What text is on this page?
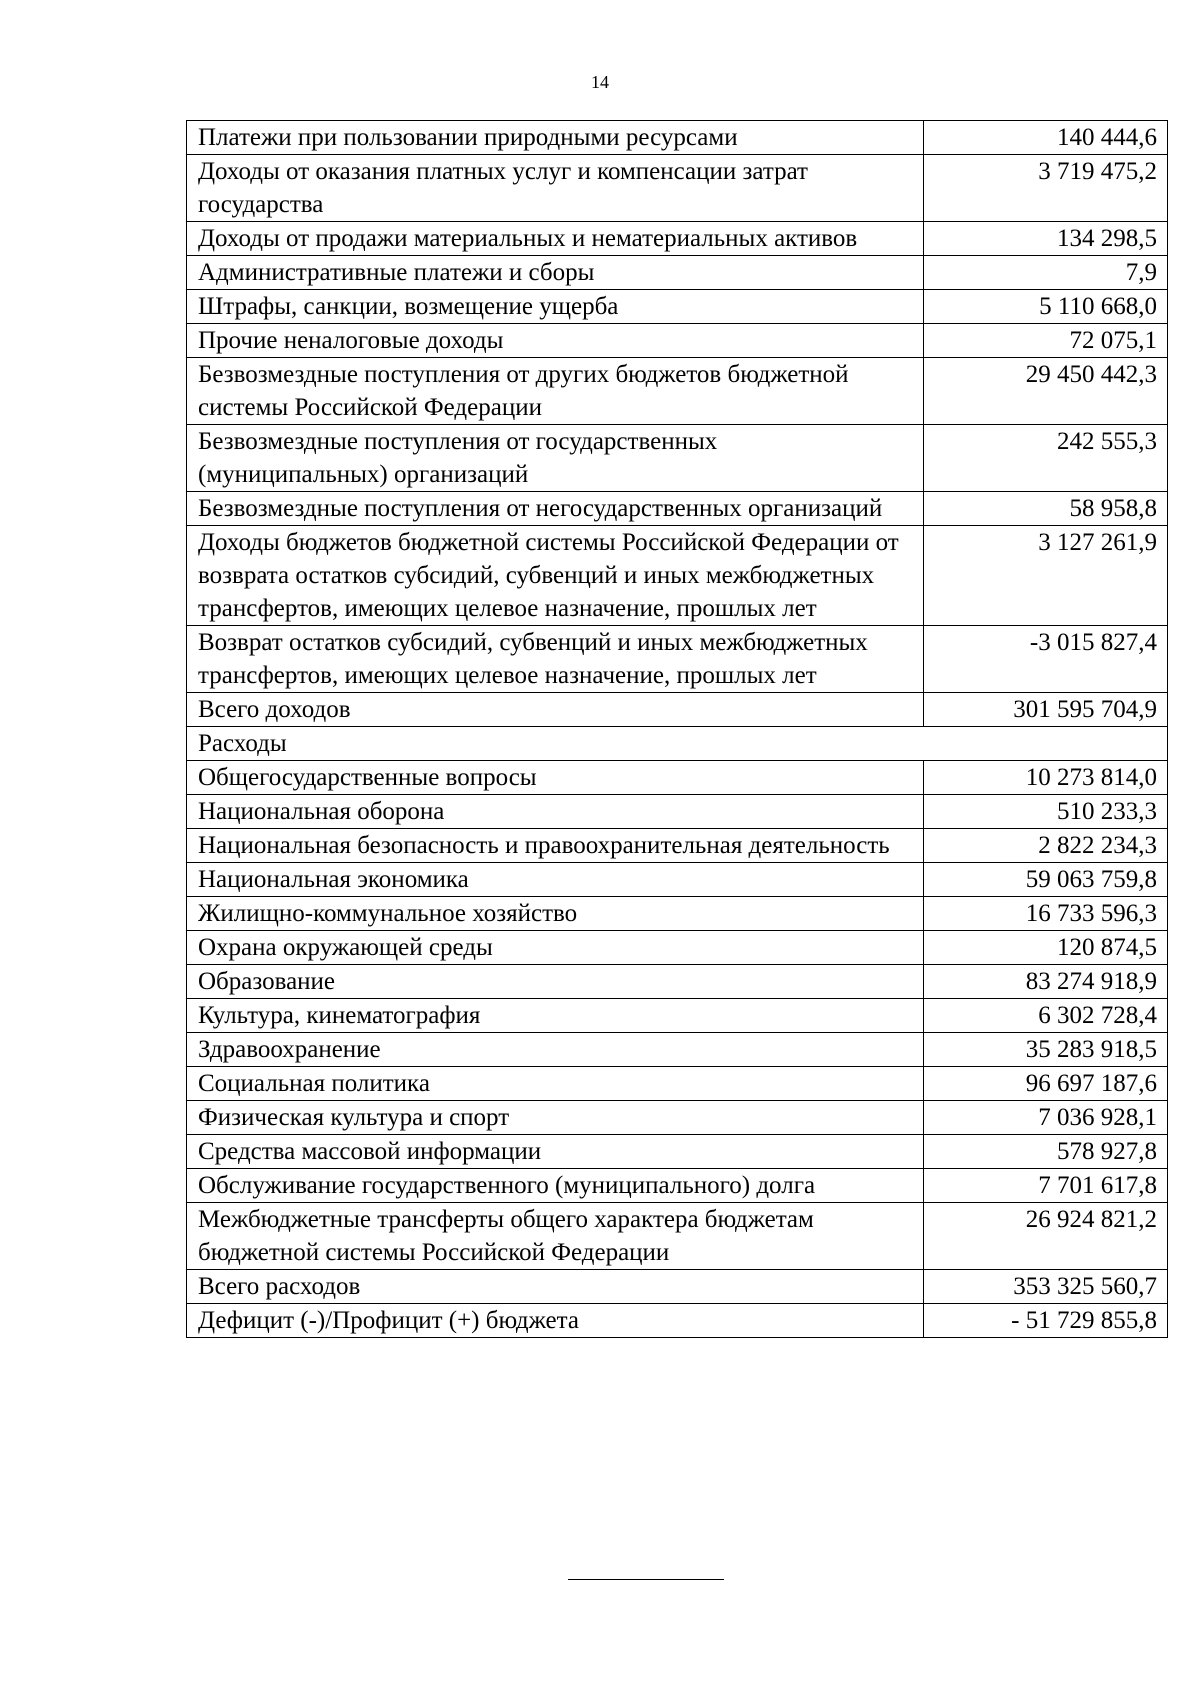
14
Платежи при пользовании природными ресурсами	140 444,6
Доходы от оказания платных услуг и компенсации затрат государства	3 719 475,2
Доходы от продажи материальных и нематериальных активов	134 298,5
Административные платежи и сборы	7,9
Штрафы, санкции, возмещение ущерба	5 110 668,0
Прочие неналоговые доходы	72 075,1
Безвозмездные поступления от других бюджетов бюджетной системы Российской Федерации	29 450 442,3
Безвозмездные поступления от государственных (муниципальных) организаций	242 555,3
Безвозмездные поступления от негосударственных организаций	58 958,8
Доходы бюджетов бюджетной системы Российской Федерации от возврата остатков субсидий, субвенций и иных межбюджетных трансфертов, имеющих целевое назначение, прошлых лет	3 127 261,9
Возврат остатков субсидий, субвенций и иных межбюджетных трансфертов, имеющих целевое назначение, прошлых лет	-3 015 827,4
Всего доходов	301 595 704,9
Расходы	
Общегосударственные вопросы	10 273 814,0
Национальная оборона	510 233,3
Национальная безопасность и правоохранительная деятельность	2 822 234,3
Национальная экономика	59 063 759,8
Жилищно-коммунальное хозяйство	16 733 596,3
Охрана окружающей среды	120 874,5
Образование	83 274 918,9
Культура, кинематография	6 302 728,4
Здравоохранение	35 283 918,5
Социальная политика	96 697 187,6
Физическая культура и спорт	7 036 928,1
Средства массовой информации	578 927,8
Обслуживание государственного (муниципального) долга	7 701 617,8
Межбюджетные трансферты общего характера бюджетам бюджетной системы Российской Федерации	26 924 821,2
Всего расходов	353 325 560,7
Дефицит (-)/Профицит (+) бюджета	- 51 729 855,8
